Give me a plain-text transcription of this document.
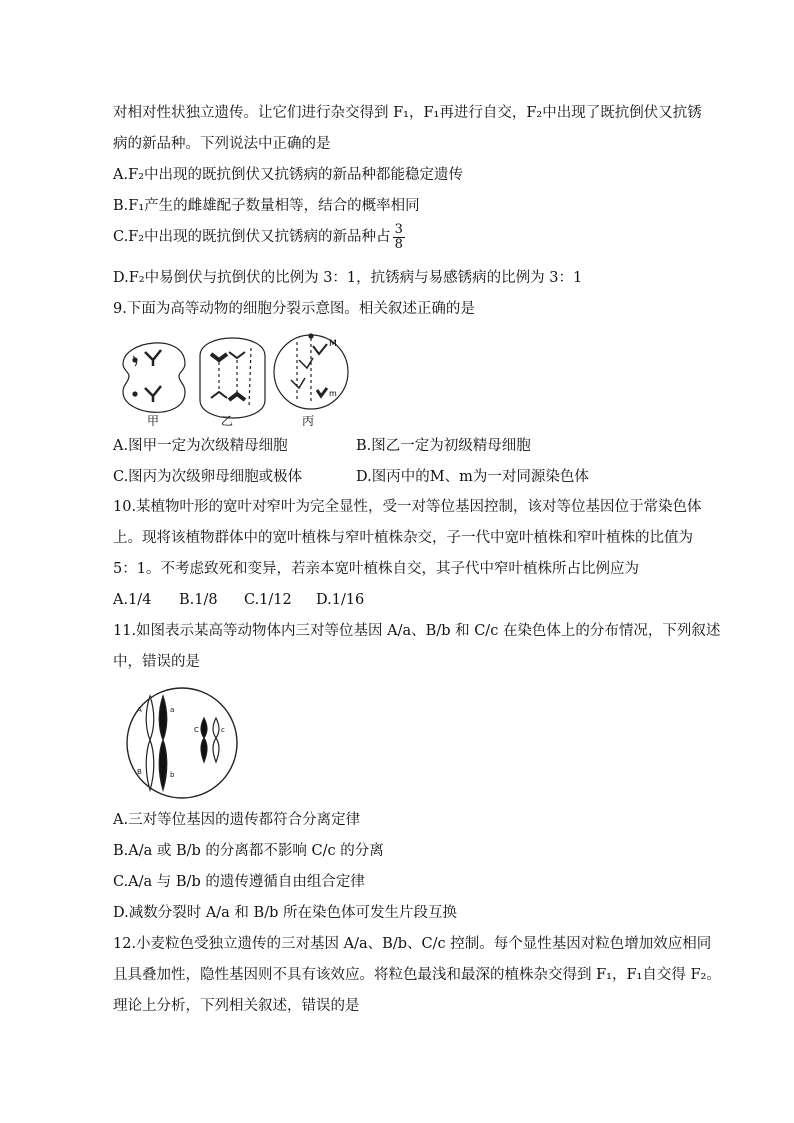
对相对性状独立遗传。让它们进行杂交得到 F₁，F₁再进行自交，F₂中出现了既抗倒伏又抗锈
病的新品种。下列说法中正确的是
A.F₂中出现的既抗倒伏又抗锈病的新品种都能稳定遗传
B.F₁产生的雌雄配子数量相等，结合的概率相同
C.F₂中出现的既抗倒伏又抗锈病的新品种占 $\frac{3}{8}$
D.F₂中易倒伏与抗倒伏的比例为 3：1，抗锈病与易感锈病的比例为 3：1
9.下面为高等动物的细胞分裂示意图。相关叙述正确的是
M
m
甲	乙	丙
A.图甲一定为次级精母细胞	B.图乙一定为初级精母细胞
C.图丙为次级卵母细胞或极体	D.图丙中的M、m为一对同源染色体
10.某植物叶形的宽叶对窄叶为完全显性，受一对等位基因控制，该对等位基因位于常染色体
上。现将该植物群体中的宽叶植株与窄叶植株杂交，子一代中宽叶植株和窄叶植株的比值为
5：1。不考虑致死和变异，若亲本宽叶植株自交，其子代中窄叶植株所占比例应为
A.1/4 B.1/8 C.1/12 D.1/16
11.如图表示某高等动物体内三对等位基因 A/a、B/b 和 C/c 在染色体上的分布情况，下列叙述
中，错误的是
A	a
B	b
C	c
A.三对等位基因的遗传都符合分离定律
B.A/a 或 B/b 的分离都不影响 C/c 的分离
C.A/a 与 B/b 的遗传遵循自由组合定律
D.减数分裂时 A/a 和 B/b 所在染色体可发生片段互换
12.小麦粒色受独立遗传的三对基因 A/a、B/b、C/c 控制。每个显性基因对粒色增加效应相同
且具叠加性，隐性基因则不具有该效应。将粒色最浅和最深的植株杂交得到 F₁，F₁自交得 F₂。
理论上分析，下列相关叙述，错误的是
